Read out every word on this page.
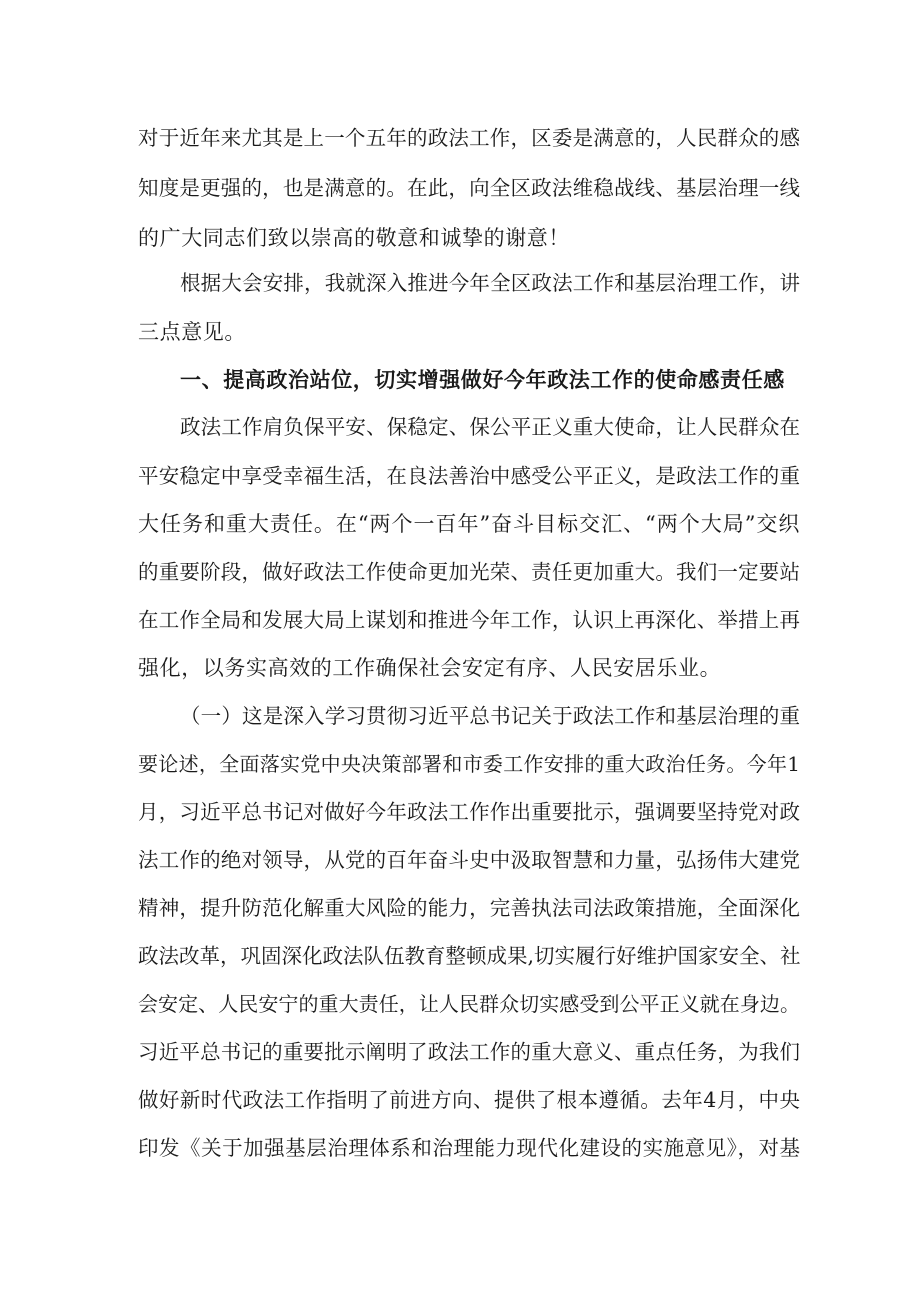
对于近年来尤其是上一个五年的政法工作，区委是满意的，人民群众的感
知度是更强的，也是满意的。在此，向全区政法维稳战线、基层治理一线
的广大同志们致以崇高的敬意和诚挚的谢意！
根据大会安排，我就深入推进今年全区政法工作和基层治理工作，讲
三点意见。
一、提高政治站位，切实增强做好今年政法工作的使命感责任感
政法工作肩负保平安、保稳定、保公平正义重大使命，让人民群众在
平安稳定中享受幸福生活，在良法善治中感受公平正义，是政法工作的重
大任务和重大责任。在“两个一百年”奋斗目标交汇、“两个大局”交织
的重要阶段，做好政法工作使命更加光荣、责任更加重大。我们一定要站
在工作全局和发展大局上谋划和推进今年工作，认识上再深化、举措上再
强化，以务实高效的工作确保社会安定有序、人民安居乐业。
（一）这是深入学习贯彻习近平总书记关于政法工作和基层治理的重
要论述，全面落实党中央决策部署和市委工作安排的重大政治任务。今年1
月，习近平总书记对做好今年政法工作作出重要批示，强调要坚持党对政
法工作的绝对领导，从党的百年奋斗史中汲取智慧和力量，弘扬伟大建党
精神，提升防范化解重大风险的能力，完善执法司法政策措施，全面深化
政法改革，巩固深化政法队伍教育整顿成果,切实履行好维护国家安全、社
会安定、人民安宁的重大责任，让人民群众切实感受到公平正义就在身边。
习近平总书记的重要批示阐明了政法工作的重大意义、重点任务，为我们
做好新时代政法工作指明了前进方向、提供了根本遵循。去年4月，中央
印发《关于加强基层治理体系和治理能力现代化建设的实施意见》，对基
